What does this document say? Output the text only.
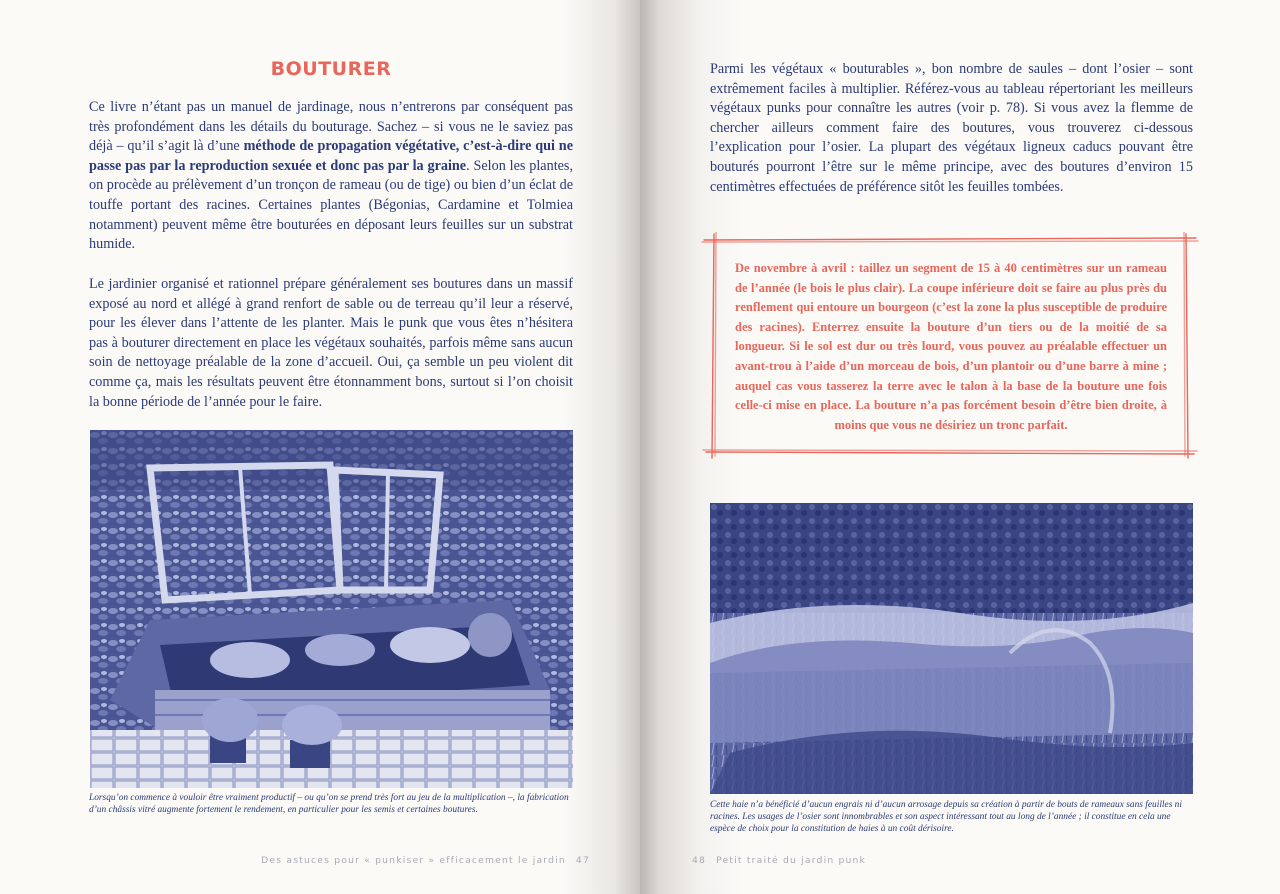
BOUTURER

Ce livre n’étant pas un manuel de jardinage, nous n’entrerons par conséquent pas très profondément dans les détails du bouturage. Sachez – si vous ne le saviez pas déjà – qu’il s’agit là d’une méthode de propagation végétative, c’est-à-dire qui ne passe pas par la reproduction sexuée et donc pas par la graine. Selon les plantes, on procède au prélèvement d’un tronçon de rameau (ou de tige) ou bien d’un éclat de touffe portant des racines. Certaines plantes (Bégonias, Cardamine et Tolmiea notamment) peuvent même être bouturées en déposant leurs feuilles sur un substrat humide.

Le jardinier organisé et rationnel prépare généralement ses boutures dans un massif exposé au nord et allégé à grand renfort de sable ou de terreau qu’il leur a réservé, pour les élever dans l’attente de les planter. Mais le punk que vous êtes n’hésitera pas à bouturer directement en place les végétaux souhaités, parfois même sans aucun soin de nettoyage préalable de la zone d’accueil. Oui, ça semble un peu violent dit comme ça, mais les résultats peuvent être étonnamment bons, surtout si l’on choisit la bonne période de l’année pour le faire.

Lorsqu’on commence à vouloir être vraiment productif – ou qu’on se prend très fort au jeu de la multiplication –, la fabrication d’un châssis vitré augmente fortement le rendement, en particulier pour les semis et certaines boutures.

Des astuces pour « punkiser » efficacement le jardin 47

Parmi les végétaux « bouturables », bon nombre de saules – dont l’osier – sont extrêmement faciles à multiplier. Référez-vous au tableau répertoriant les meilleurs végétaux punks pour connaître les autres (voir p. 78). Si vous avez la flemme de chercher ailleurs comment faire des boutures, vous trouverez ci-dessous l’explication pour l’osier. La plupart des végétaux ligneux caducs pouvant être bouturés pourront l’être sur le même principe, avec des boutures d’environ 15 centimètres effectuées de préférence sitôt les feuilles tombées.

De novembre à avril : taillez un segment de 15 à 40 centimètres sur un rameau de l’année (le bois le plus clair). La coupe inférieure doit se faire au plus près du renflement qui entoure un bourgeon (c’est la zone la plus susceptible de produire des racines). Enterrez ensuite la bouture d’un tiers ou de la moitié de sa longueur. Si le sol est dur ou très lourd, vous pouvez au préalable effectuer un avant-trou à l’aide d’un morceau de bois, d’un plantoir ou d’une barre à mine ; auquel cas vous tasserez la terre avec le talon à la base de la bouture une fois celle-ci mise en place. La bouture n’a pas forcément besoin d’être bien droite, à moins que vous ne désiriez un tronc parfait.

Cette haie n’a bénéficié d’aucun engrais ni d’aucun arrosage depuis sa création à partir de bouts de rameaux sans feuilles ni racines. Les usages de l’osier sont innombrables et son aspect intéressant tout au long de l’année ; il constitue en cela une espèce de choix pour la constitution de haies à un coût dérisoire.

48 Petit traité du jardin punk
